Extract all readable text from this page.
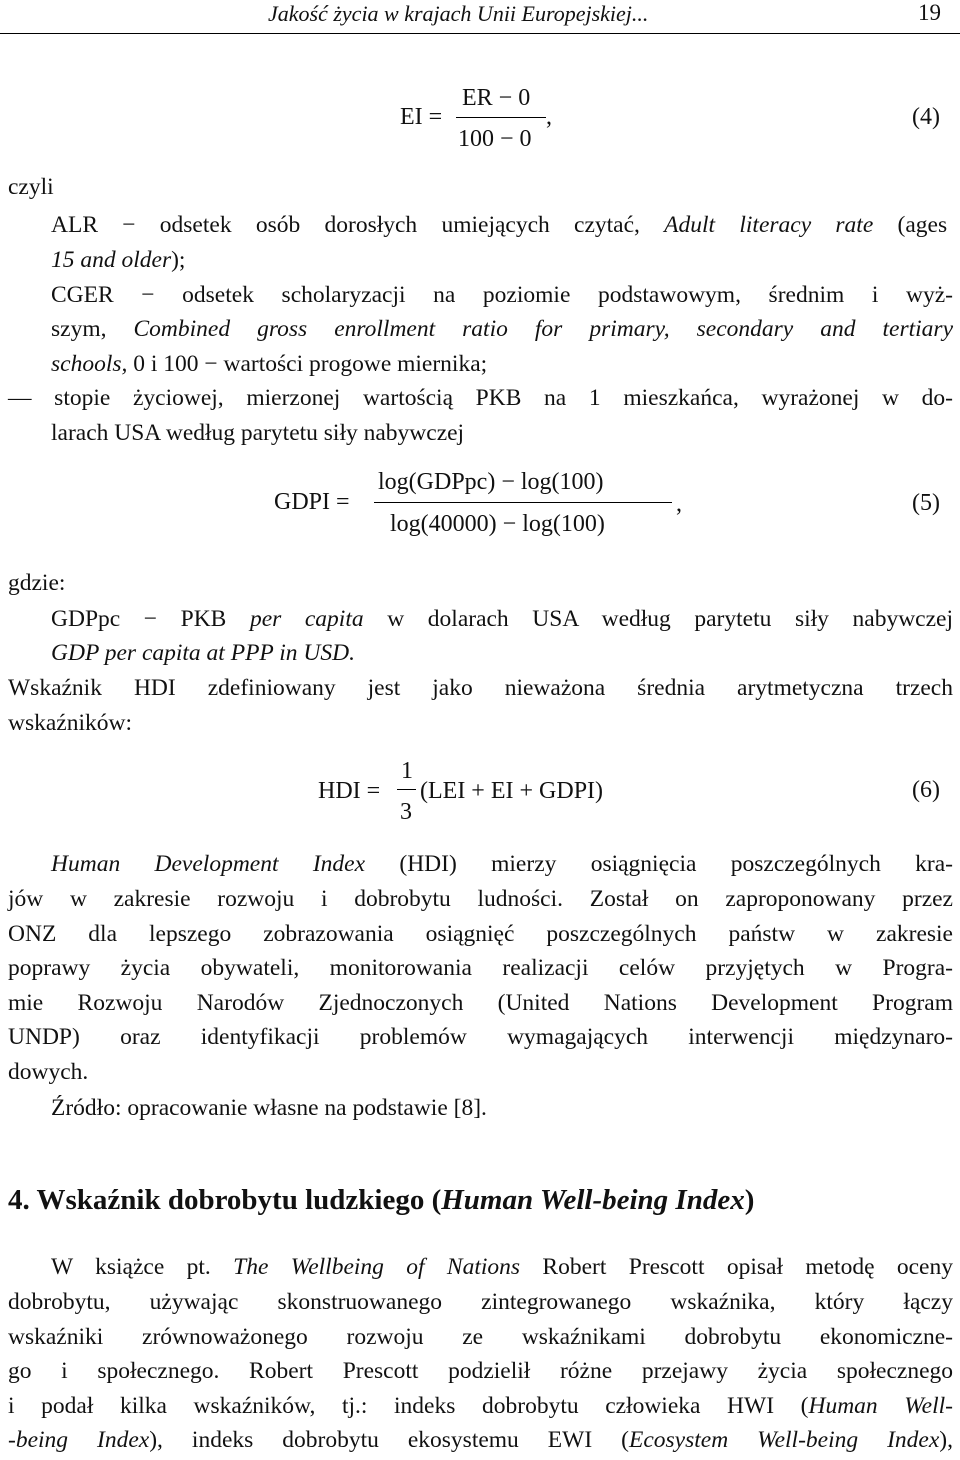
Jakość życia w krajach Unii Europejskiej...	19
EI =
ER − 0
100 − 0
,	(4)
czyli
ALR − odsetek osób dorosłych umiejących czytać, Adult literacy rate (ages
15 and older);
CGER − odsetek scholaryzacji na poziomie podstawowym, średnim i wyż-
szym, Combined gross enrollment ratio for primary, secondary and tertiary
schools, 0 i 100 − wartości progowe miernika;
— stopie życiowej, mierzonej wartością PKB na 1 mieszkańca, wyrażonej w do-
larach USA według parytetu siły nabywczej
GDPI =
log(GDPpc) − log(100)
log(40000) − log(100)
,	(5)
gdzie:
GDPpc − PKB per capita w dolarach USA według parytetu siły nabywczej
GDP per capita at PPP in USD.
Wskaźnik HDI zdefiniowany jest jako nieważona średnia arytmetyczna trzech
wskaźników:
HDI =
1
3
(LEI + EI + GDPI)	(6)
Human Development Index (HDI) mierzy osiągnięcia poszczególnych kra-
jów w zakresie rozwoju i dobrobytu ludności. Został on zaproponowany przez
ONZ dla lepszego zobrazowania osiągnięć poszczególnych państw w zakresie
poprawy życia obywateli, monitorowania realizacji celów przyjętych w Progra-
mie Rozwoju Narodów Zjednoczonych (United Nations Development Program
UNDP) oraz identyfikacji problemów wymagających interwencji międzynaro-
dowych.
Źródło: opracowanie własne na podstawie [8].
4. Wskaźnik dobrobytu ludzkiego (Human Well-being Index)
W książce pt. The Wellbeing of Nations Robert Prescott opisał metodę oceny
dobrobytu, używając skonstruowanego zintegrowanego wskaźnika, który łączy
wskaźniki zrównoważonego rozwoju ze wskaźnikami dobrobytu ekonomiczne-
go i społecznego. Robert Prescott podzielił różne przejawy życia społecznego
i podał kilka wskaźników, tj.: indeks dobrobytu człowieka HWI (Human Well-
-being Index), indeks dobrobytu ekosystemu EWI (Ecosystem Well-being Index),
